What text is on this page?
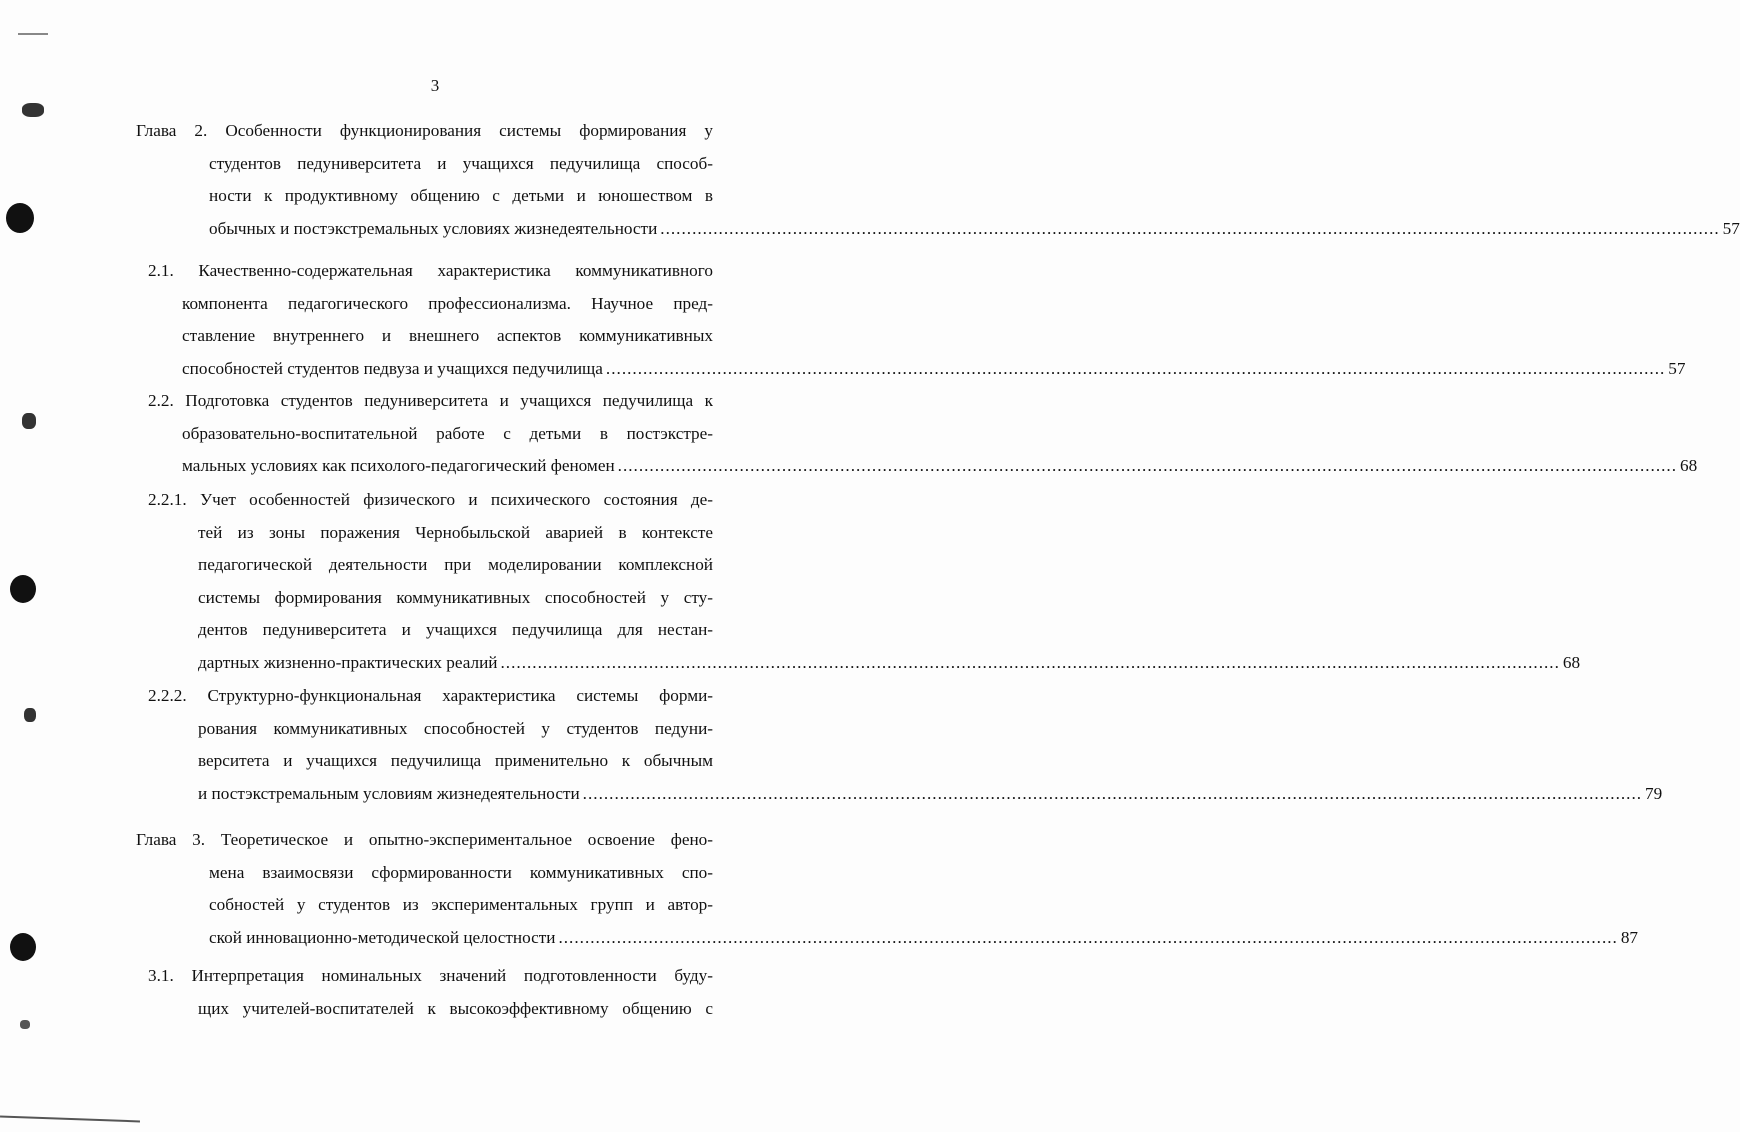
3
Глава 2. Особенности функционирования системы формирования у
студентов педуниверситета и учащихся педучилища способ-
ности к продуктивному общению с детьми и юношеством в
обычных и постэкстремальных условиях жизнедеятельности ........................................................................................................................................................................................................ 57
2.1. Качественно-содержательная характеристика коммуникативного
компонента педагогического профессионализма. Научное пред-
ставление внутреннего и внешнего аспектов коммуникативных
способностей студентов педвуза и учащихся педучилища ........................................................................................................................................................................................................ 57
2.2. Подготовка студентов педуниверситета и учащихся педучилища к
образовательно-воспитательной работе с детьми в постэкстре-
мальных условиях как психолого-педагогический феномен ........................................................................................................................................................................................................ 68
2.2.1. Учет особенностей физического и психического состояния де-
тей из зоны поражения Чернобыльской аварией в контексте
педагогической деятельности при моделировании комплексной
системы формирования коммуникативных способностей у сту-
дентов педуниверситета и учащихся педучилища для нестан-
дартных жизненно-практических реалий ........................................................................................................................................................................................................ 68
2.2.2. Структурно-функциональная характеристика системы форми-
рования коммуникативных способностей у студентов педуни-
верситета и учащихся педучилища применительно к обычным
и постэкстремальным условиям жизнедеятельности ........................................................................................................................................................................................................ 79
Глава 3. Теоретическое и опытно-экспериментальное освоение фено-
мена взаимосвязи сформированности коммуникативных спо-
собностей у студентов из экспериментальных групп и автор-
ской инновационно-методической целостности ........................................................................................................................................................................................................ 87
3.1. Интерпретация номинальных значений подготовленности буду-
щих учителей-воспитателей к высокоэффективному общению с
